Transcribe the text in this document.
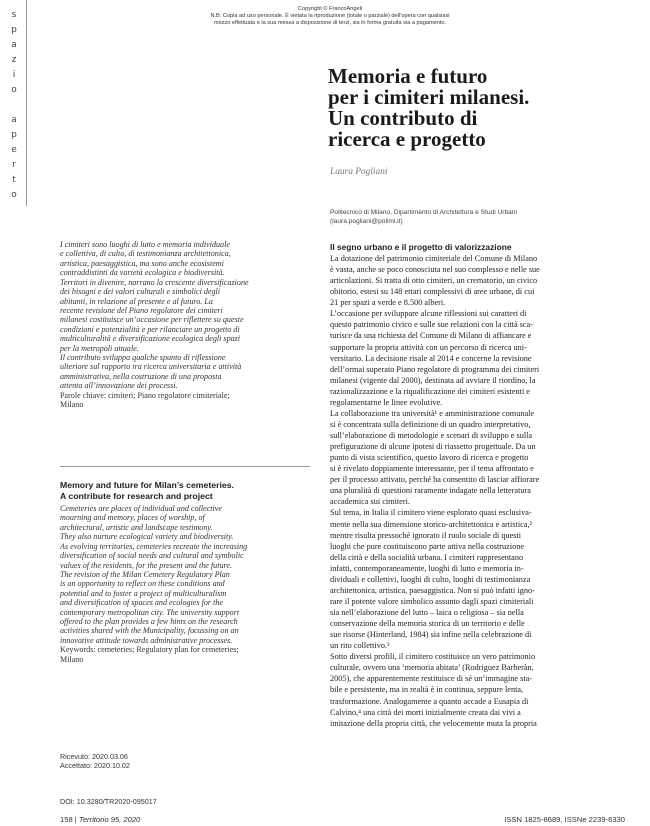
Copyright © FrancoAngeli
N.B: Copia ad uso personale. È vietata la riproduzione (totale o parziale) dell’opera con qualsiasi
mezzo effettuata e la sua messa a disposizione di terzi, sia in forma gratuita sia a pagamento.
s
p
a
z
i
o
a
p
e
r
t
o
Memoria e futuro
per i cimiteri milanesi.
Un contributo di
ricerca e progetto
Laura Pogliani
Politecnico di Milano, Dipartimento di Architettura e Studi Urbani
(laura.pogliani@polimi.it)
I cimiteri sono luoghi di lutto e memoria individuale
e collettiva, di culto, di testimonianza architettonica,
artistica, paesaggistica, ma sono anche ecosistemi
contraddistinti da varietà ecologica e biodiversità.
Territori in divenire, narrano la crescente diversificazione
dei bisogni e dei valori culturali e simbolici degli
abitanti, in relazione al presente e al futuro. La
recente revisione del Piano regolatore dei cimiteri
milanesi costituisce un’occasione per riflettere su queste
condizioni e potenzialità e per rilanciare un progetto di
multiculturalità e diversificazione ecologica degli spazi
per la metropoli attuale.
Il contributo sviluppa qualche spunto di riflessione
ulteriore sul rapporto tra ricerca universitaria e attività
amministrativa, nella costruzione di una proposta
attenta all’innovazione dei processi.
Parole chiave: cimiteri; Piano regolatore cimiteriale;
Milano
Memory and future for Milan’s cemeteries.
A contribute for research and project
Cemeteries are places of individual and collective
mourning and memory, places of worship, of
architectural, artistic and landscape testimony.
They also nurture ecological variety and biodiversity.
As evolving territories, cemeteries recreate the increasing
diversification of social needs and cultural and symbolic
values of the residents, for the present and the future.
The revision of the Milan Cemetery Regulatory Plan
is an opportunity to reflect on these conditions and
potential and to foster a project of multiculturalism
and diversification of spaces and ecologies for the
contemporary metropolitan city. The university support
offered to the plan provides a few hints on the research
activities shared with the Municipality, focussing on an
innovative attitude towards administrative processes.
Keywords: cemeteries; Regulatory plan for cemeteries;
Milano
Ricevuto: 2020.03.06
Accettato: 2020.10.02
DOI: 10.3280/TR2020-095017
158 | Territorio 95, 2020	ISSN 1825-8689, ISSNe 2239-6330
Il segno urbano e il progetto di valorizzazione
La dotazione del patrimonio cimiteriale del Comune di Milano
è vasta, anche se poco conosciuta nel suo complesso e nelle sue
articolazioni. Si tratta di otto cimiteri, un crematorio, un civico
obitorio, estesi su 148 ettari complessivi di aree urbane, di cui
21 per spazi a verde e 8.500 alberi.
L’occasione per sviluppare alcune riflessioni sui caratteri di
questo patrimonio civico e sulle sue relazioni con la città sca-
turisce da una richiesta del Comune di Milano di affiancare e
supportare la propria attività con un percorso di ricerca uni-
versitario. La decisione risale al 2014 e concerne la revisione
dell’ormai superato Piano regolatore di programma dei cimiteri
milanesi (vigente dal 2000), destinata ad avviare il riordino, la
razionalizzazione e la riqualificazione dei cimiteri esistenti e
regolamentarne le linee evolutive.
La collaborazione tra università¹ e amministrazione comunale
si è concentrata sulla definizione di un quadro interpretativo,
sull’elaborazione di metodologie e scenari di sviluppo e sulla
prefigurazione di alcune ipotesi di riassetto progettuale. Da un
punto di vista scientifico, questo lavoro di ricerca e progetto
si è rivelato doppiamente interessante, per il tema affrontato e
per il processo attivato, perché ha consentito di lasciar affiorare
una pluralità di questioni raramente indagate nella letteratura
accademica sui cimiteri.
Sul tema, in Italia il cimitero viene esplorato quasi esclusiva-
mente nella sua dimensione storico-architettonica e artistica,²
mentre risulta pressoché ignorato il ruolo sociale di questi
luoghi che pure costituiscono parte attiva nella costruzione
della città e della socialità urbana. I cimiteri rappresentano
infatti, contemporaneamente, luoghi di lutto e memoria in-
dividuali e collettivi, luoghi di culto, luoghi di testimonianza
architettonica, artistica, paesaggistica. Non si può infatti igno-
rare il potente valore simbolico assunto dagli spazi cimiteriali
sia nell’elaborazione del lutto – laica o religiosa – sia nella
conservazione della memoria storica di un territorio e delle
sue risorse (Hinterland, 1984) sia infine nella celebrazione di
un rito collettivo.³
Sotto diversi profili, il cimitero costituisce un vero patrimonio
culturale, ovvero una ‘memoria abitata’ (Rodriguez Barberàn,
2005), che apparentemente restituisce di sé un’immagine sta-
bile e persistente, ma in realtà è in continua, seppure lenta,
trasformazione. Analogamente a quanto accade a Eusapia di
Calvino,⁴ una città dei morti inizialmente creata dai vivi a
imitazione della propria città, che velocemente muta la propria
